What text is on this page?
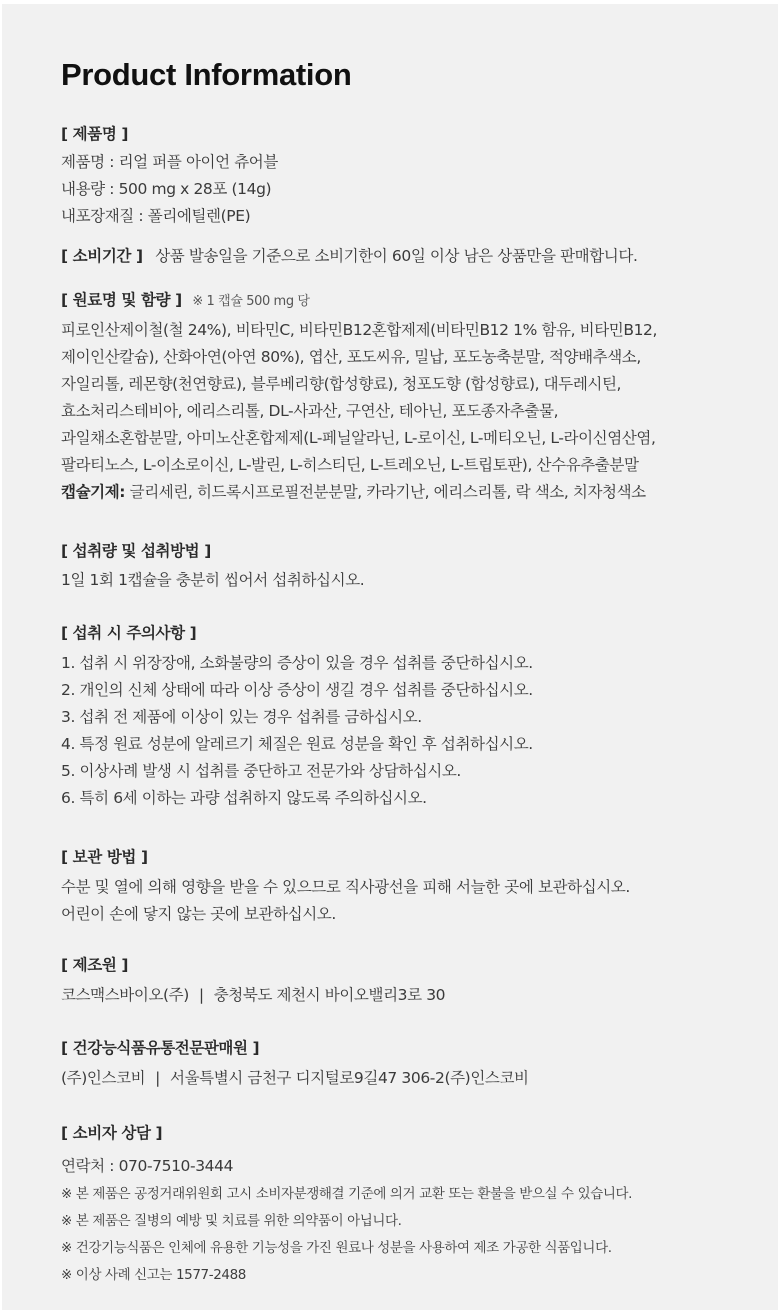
Product Information
[ 제품명 ]
제품명 : 리얼 퍼플 아이언 츄어블
내용량 : 500 mg x 28포 (14g)
내포장재질 : 폴리에틸렌(PE)
[ 소비기간 ] 상품 발송일을 기준으로 소비기한이 60일 이상 남은 상품만을 판매합니다.
[ 원료명 및 함량 ] ※ 1 캡슐 500 mg 당
피로인산제이철(철 24%), 비타민C, 비타민B12혼합제제(비타민B12 1% 함유, 비타민B12,
제이인산칼슘), 산화아연(아연 80%), 엽산, 포도씨유, 밀납, 포도농축분말, 적양배추색소,
자일리톨, 레몬향(천연향료), 블루베리향(합성향료), 청포도향 (합성향료), 대두레시틴,
효소처리스테비아, 에리스리톨, DL-사과산, 구연산, 테아닌, 포도종자추출물,
과일채소혼합분말, 아미노산혼합제제(L-페닐알라닌, L-로이신, L-메티오닌, L-라이신염산염,
팔라티노스, L-이소로이신, L-발린, L-히스티딘, L-트레오닌, L-트립토판), 산수유추출분말
캡슐기제: 글리세린, 히드록시프로필전분분말, 카라기난, 에리스리톨, 락 색소, 치자청색소
[ 섭취량 및 섭취방법 ]
1일 1회 1캡슐을 충분히 씹어서 섭취하십시오.
[ 섭취 시 주의사항 ]
1. 섭취 시 위장장애, 소화불량의 증상이 있을 경우 섭취를 중단하십시오.
2. 개인의 신체 상태에 따라 이상 증상이 생길 경우 섭취를 중단하십시오.
3. 섭취 전 제품에 이상이 있는 경우 섭취를 금하십시오.
4. 특정 원료 성분에 알레르기 체질은 원료 성분을 확인 후 섭취하십시오.
5. 이상사례 발생 시 섭취를 중단하고 전문가와 상담하십시오.
6. 특히 6세 이하는 과량 섭취하지 않도록 주의하십시오.
[ 보관 방법 ]
수분 및 열에 의해 영향을 받을 수 있으므로 직사광선을 피해 서늘한 곳에 보관하십시오.
어린이 손에 닿지 않는 곳에 보관하십시오.
[ 제조원 ]
코스맥스바이오(주) | 충청북도 제천시 바이오밸리3로 30
[ 건강능식품유통전문판매원 ]
(주)인스코비 | 서울특별시 금천구 디지털로9길47 306-2(주)인스코비
[ 소비자 상담 ]
연락처 : 070-7510-3444
※ 본 제품은 공정거래위원회 고시 소비자분쟁해결 기준에 의거 교환 또는 환불을 받으실 수 있습니다.
※ 본 제품은 질병의 예방 및 치료를 위한 의약품이 아닙니다.
※ 건강기능식품은 인체에 유용한 기능성을 가진 원료나 성분을 사용하여 제조 가공한 식품입니다.
※ 이상 사례 신고는 1577-2488
